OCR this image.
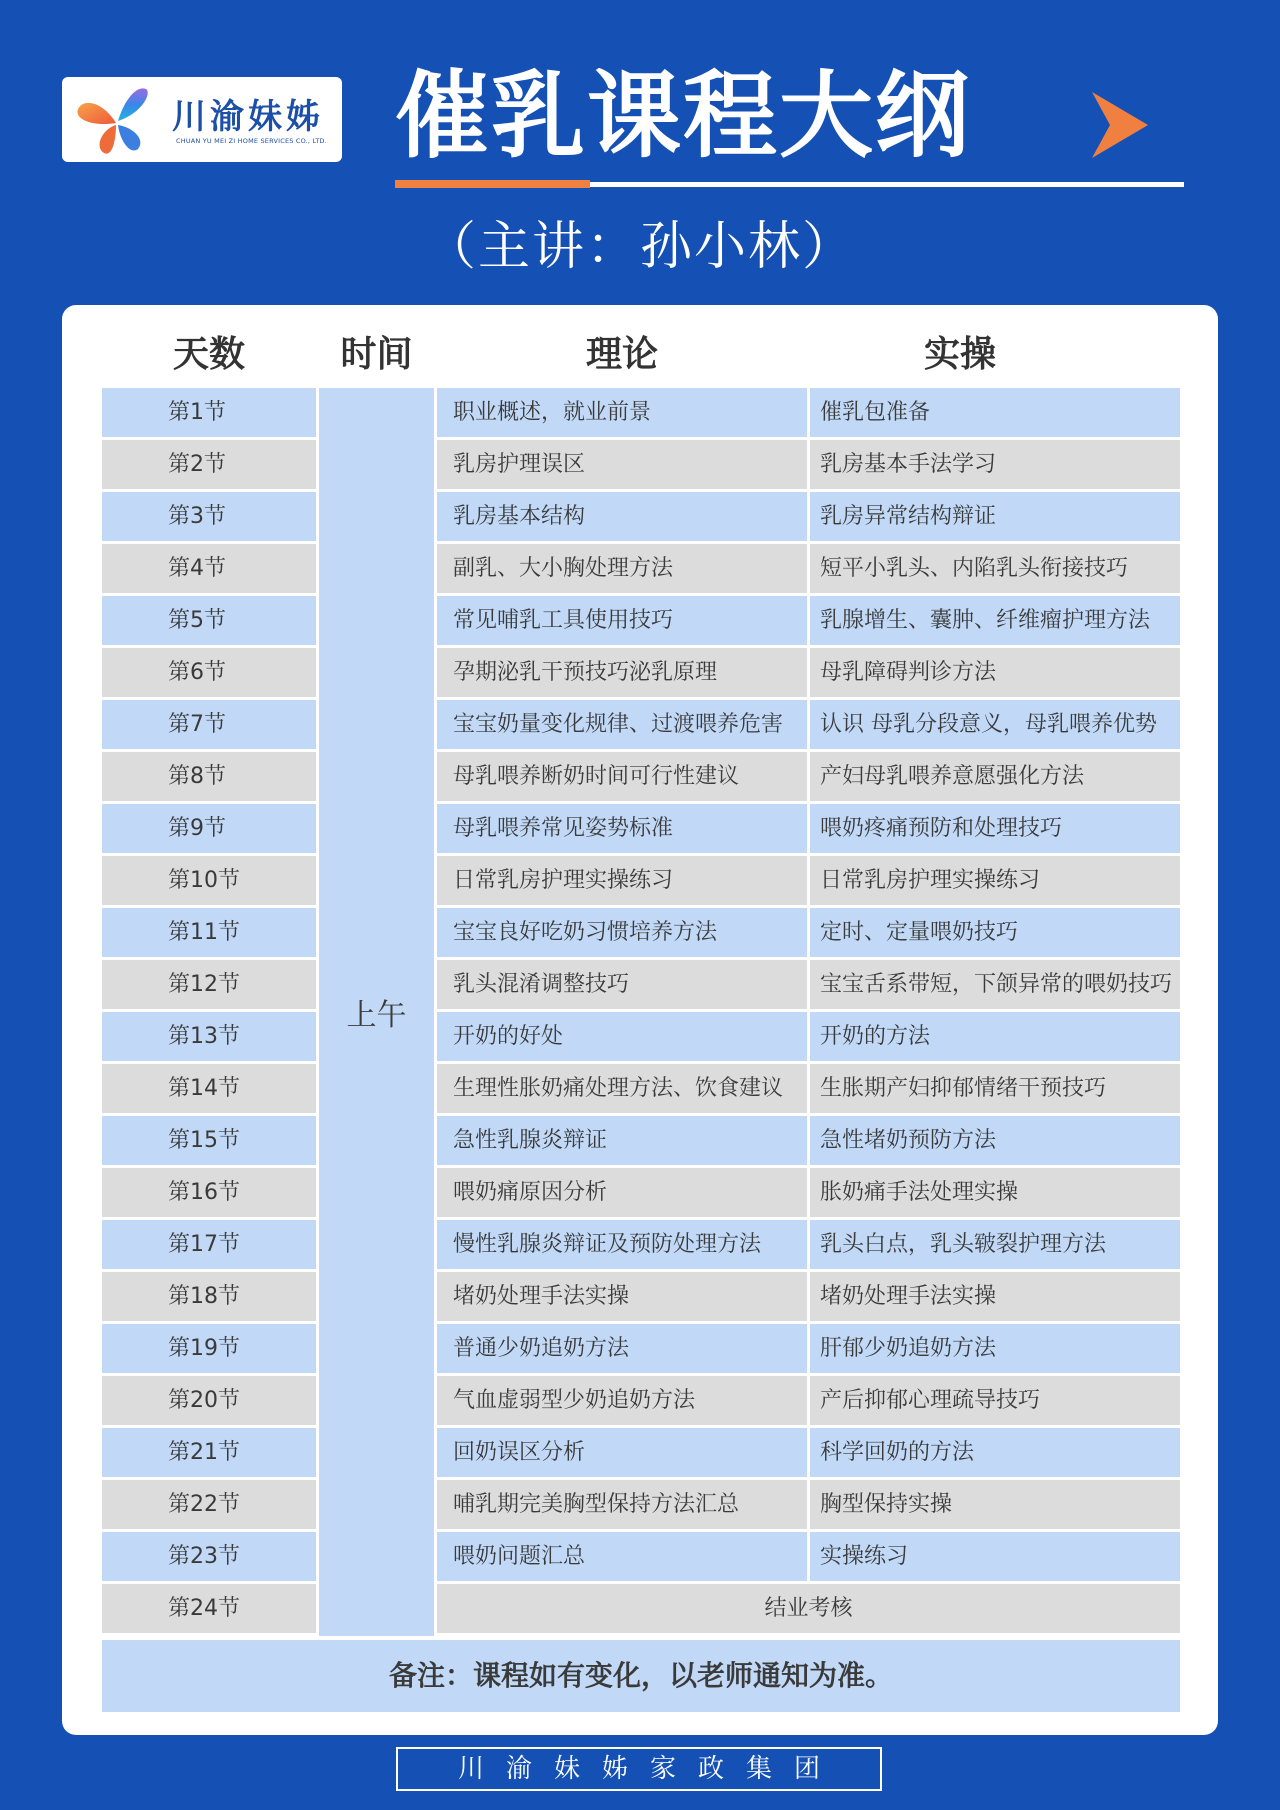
川渝妹姊
CHUAN YU MEI ZI HOME SERVICES CO., LTD. 催乳课程大纲
（主讲：孙小林）
天数	时间	理论	实操
上午
第1节	职业概述，就业前景	催乳包准备
第2节	乳房护理误区	乳房基本手法学习
第3节	乳房基本结构	乳房异常结构辩证
第4节	副乳、大小胸处理方法	短平小乳头、内陷乳头衔接技巧
第5节	常见哺乳工具使用技巧	乳腺增生、囊肿、纤维瘤护理方法
第6节	孕期泌乳干预技巧泌乳原理	母乳障碍判诊方法
第7节	宝宝奶量变化规律、过渡喂养危害	认识 母乳分段意义，母乳喂养优势
第8节	母乳喂养断奶时间可行性建议	产妇母乳喂养意愿强化方法
第9节	母乳喂养常见姿势标准	喂奶疼痛预防和处理技巧
第10节	日常乳房护理实操练习	日常乳房护理实操练习
第11节	宝宝良好吃奶习惯培养方法	定时、定量喂奶技巧
第12节	乳头混淆调整技巧	宝宝舌系带短，下颌异常的喂奶技巧
第13节	开奶的好处	开奶的方法
第14节	生理性胀奶痛处理方法、饮食建议	生胀期产妇抑郁情绪干预技巧
第15节	急性乳腺炎辩证	急性堵奶预防方法
第16节	喂奶痛原因分析	胀奶痛手法处理实操
第17节	慢性乳腺炎辩证及预防处理方法	乳头白点，乳头皲裂护理方法
第18节	堵奶处理手法实操	堵奶处理手法实操
第19节	普通少奶追奶方法	肝郁少奶追奶方法
第20节	气血虚弱型少奶追奶方法	产后抑郁心理疏导技巧
第21节	回奶误区分析	科学回奶的方法
第22节	哺乳期完美胸型保持方法汇总	胸型保持实操
第23节	喂奶问题汇总	实操练习
第24节	结业考核
备注：课程如有变化，以老师通知为准。
川渝妹姊家政集团
